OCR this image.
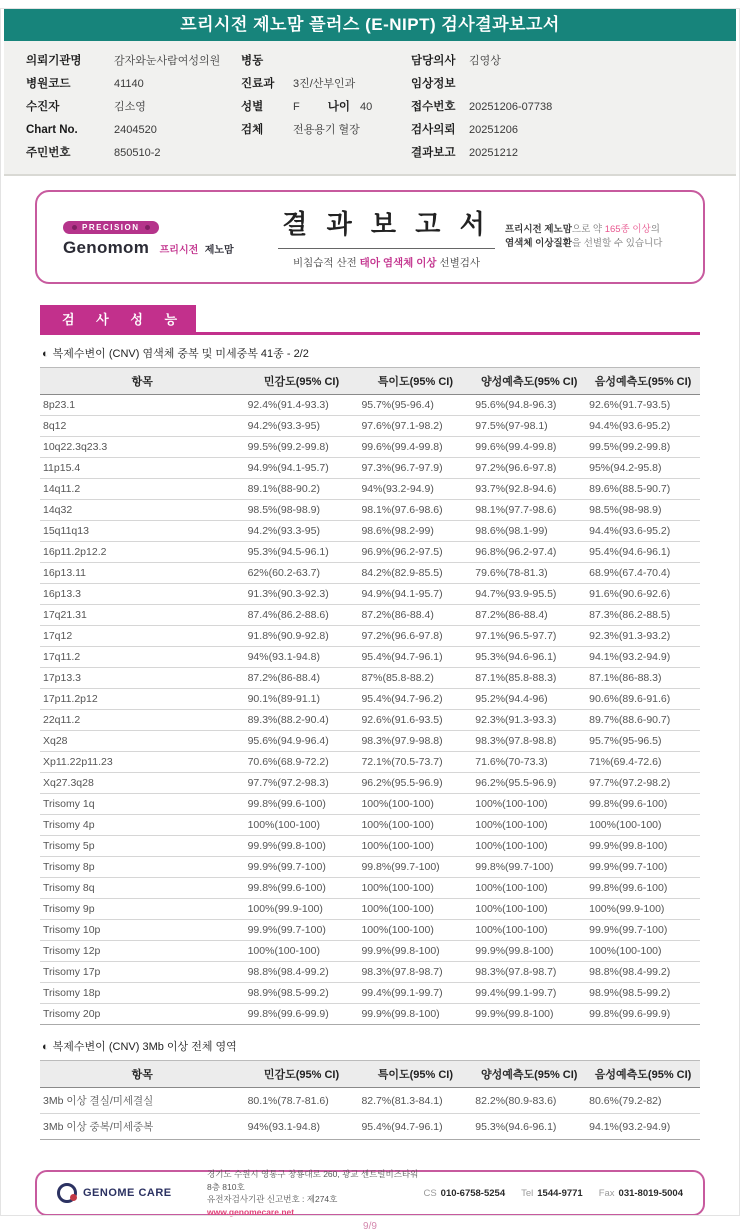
프리시전 제노맘 플러스 (E-NIPT) 검사결과보고서
의뢰기관명	감자와눈사람여성의원
병원코드	41140
수진자	김소영
Chart No.	2404520
주민번호	850510-2
병동
진료과 3진/산부인과
성별	F 나이 40
검체	전용용기 혈장
담당의사 김영상
임상정보
접수번호 20251206-07738
검사의뢰 20251206
결과보고 20251212
PRECISION
Genomom 프리시전 제노맘
결 과 보 고 서
비침습적 산전 태아 염색체 이상 선별검사
프리시전 제노맘으로 약 165종 이상의
염색체 이상질환을 선별할 수 있습니다
검 사 성 능
◐ 복제수변이 (CNV) 염색체 중복 및 미세중복 41종 - 2/2
항목	민감도(95% CI)	특이도(95% CI)	양성예측도(95% CI)	음성예측도(95% CI)
8p23.1	92.4%(91.4-93.3)	95.7%(95-96.4)	95.6%(94.8-96.3)	92.6%(91.7-93.5)
8q12	94.2%(93.3-95)	97.6%(97.1-98.2)	97.5%(97-98.1)	94.4%(93.6-95.2)
10q22.3q23.3	99.5%(99.2-99.8)	99.6%(99.4-99.8)	99.6%(99.4-99.8)	99.5%(99.2-99.8)
11p15.4	94.9%(94.1-95.7)	97.3%(96.7-97.9)	97.2%(96.6-97.8)	95%(94.2-95.8)
14q11.2	89.1%(88-90.2)	94%(93.2-94.9)	93.7%(92.8-94.6)	89.6%(88.5-90.7)
14q32	98.5%(98-98.9)	98.1%(97.6-98.6)	98.1%(97.7-98.6)	98.5%(98-98.9)
15q11q13	94.2%(93.3-95)	98.6%(98.2-99)	98.6%(98.1-99)	94.4%(93.6-95.2)
16p11.2p12.2	95.3%(94.5-96.1)	96.9%(96.2-97.5)	96.8%(96.2-97.4)	95.4%(94.6-96.1)
16p13.11	62%(60.2-63.7)	84.2%(82.9-85.5)	79.6%(78-81.3)	68.9%(67.4-70.4)
16p13.3	91.3%(90.3-92.3)	94.9%(94.1-95.7)	94.7%(93.9-95.5)	91.6%(90.6-92.6)
17q21.31	87.4%(86.2-88.6)	87.2%(86-88.4)	87.2%(86-88.4)	87.3%(86.2-88.5)
17q12	91.8%(90.9-92.8)	97.2%(96.6-97.8)	97.1%(96.5-97.7)	92.3%(91.3-93.2)
17q11.2	94%(93.1-94.8)	95.4%(94.7-96.1)	95.3%(94.6-96.1)	94.1%(93.2-94.9)
17p13.3	87.2%(86-88.4)	87%(85.8-88.2)	87.1%(85.8-88.3)	87.1%(86-88.3)
17p11.2p12	90.1%(89-91.1)	95.4%(94.7-96.2)	95.2%(94.4-96)	90.6%(89.6-91.6)
22q11.2	89.3%(88.2-90.4)	92.6%(91.6-93.5)	92.3%(91.3-93.3)	89.7%(88.6-90.7)
Xq28	95.6%(94.9-96.4)	98.3%(97.9-98.8)	98.3%(97.8-98.8)	95.7%(95-96.5)
Xp11.22p11.23	70.6%(68.9-72.2)	72.1%(70.5-73.7)	71.6%(70-73.3)	71%(69.4-72.6)
Xq27.3q28	97.7%(97.2-98.3)	96.2%(95.5-96.9)	96.2%(95.5-96.9)	97.7%(97.2-98.2)
Trisomy 1q	99.8%(99.6-100)	100%(100-100)	100%(100-100)	99.8%(99.6-100)
Trisomy 4p	100%(100-100)	100%(100-100)	100%(100-100)	100%(100-100)
Trisomy 5p	99.9%(99.8-100)	100%(100-100)	100%(100-100)	99.9%(99.8-100)
Trisomy 8p	99.9%(99.7-100)	99.8%(99.7-100)	99.8%(99.7-100)	99.9%(99.7-100)
Trisomy 8q	99.8%(99.6-100)	100%(100-100)	100%(100-100)	99.8%(99.6-100)
Trisomy 9p	100%(99.9-100)	100%(100-100)	100%(100-100)	100%(99.9-100)
Trisomy 10p	99.9%(99.7-100)	100%(100-100)	100%(100-100)	99.9%(99.7-100)
Trisomy 12p	100%(100-100)	99.9%(99.8-100)	99.9%(99.8-100)	100%(100-100)
Trisomy 17p	98.8%(98.4-99.2)	98.3%(97.8-98.7)	98.3%(97.8-98.7)	98.8%(98.4-99.2)
Trisomy 18p	98.9%(98.5-99.2)	99.4%(99.1-99.7)	99.4%(99.1-99.7)	98.9%(98.5-99.2)
Trisomy 20p	99.8%(99.6-99.9)	99.9%(99.8-100)	99.9%(99.8-100)	99.8%(99.6-99.9)
◐ 복제수변이 (CNV) 3Mb 이상 전체 영역
항목	민감도(95% CI)	특이도(95% CI)	양성예측도(95% CI)	음성예측도(95% CI)
3Mb 이상 결실/미세결실	80.1%(78.7-81.6)	82.7%(81.3-84.1)	82.2%(80.9-83.6)	80.6%(79.2-82)
3Mb 이상 중복/미세중복	94%(93.1-94.8)	95.4%(94.7-96.1)	95.3%(94.6-96.1)	94.1%(93.2-94.9)
GENOME CARE
경기도 수원시 영통구 창룡대로 260, 광교 센트럴비즈타워 8층 810호
유전자검사기관 신고번호 : 제274호
www.genomecare.net
CS 010-6758-5254 Tel 1544-9771 Fax 031-8019-5004
9/9
